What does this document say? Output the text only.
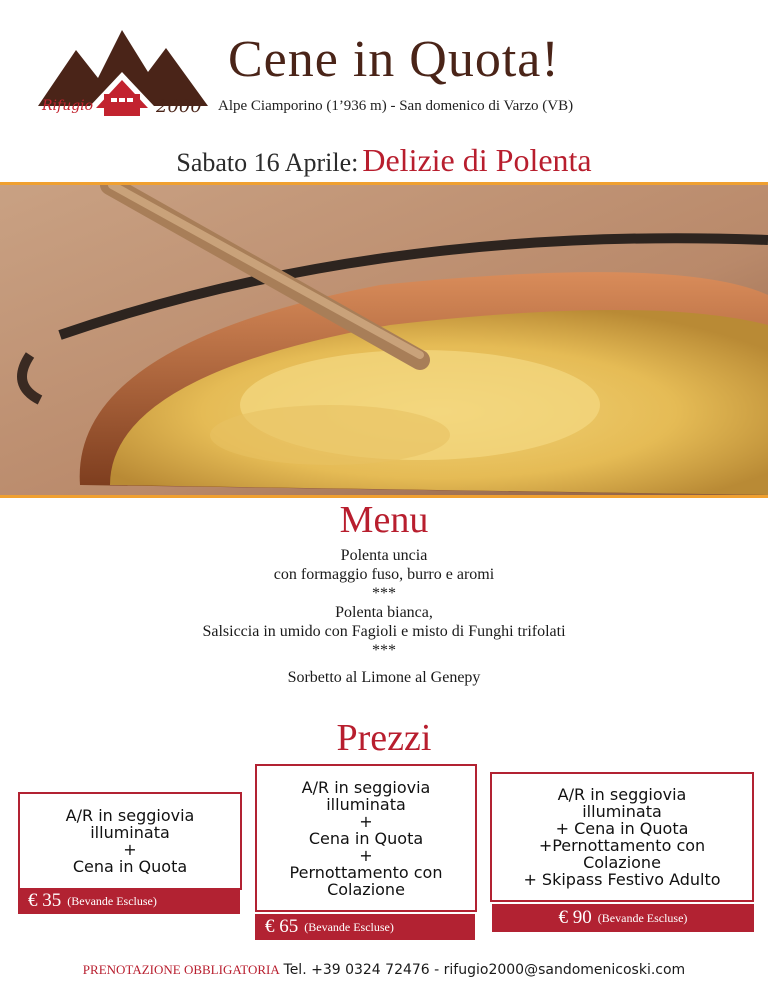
Rifugio	2000
Cene in Quota!
Alpe Ciamporino (1’936 m) - San domenico di Varzo (VB)
Sabato 16 Aprile: Delizie di Polenta
Menu
Polenta uncia
con formaggio fuso, burro e aromi
***
Polenta bianca,
Salsiccia in umido con Fagioli e misto di Funghi trifolati
***
Sorbetto al Limone al Genepy
Prezzi
A/R in seggiovia
illuminata
+
Cena in Quota
€ 35 (Bevande Escluse)
A/R in seggiovia
illuminata
+
Cena in Quota
+
Pernottamento con
Colazione
€ 65 (Bevande Escluse)
A/R in seggiovia
illuminata
+ Cena in Quota
+Pernottamento con
Colazione
+ Skipass Festivo Adulto
€ 90 (Bevande Escluse)
PRENOTAZIONE OBBLIGATORIA Tel. +39 0324 72476 - rifugio2000@sandomenicoski.com
